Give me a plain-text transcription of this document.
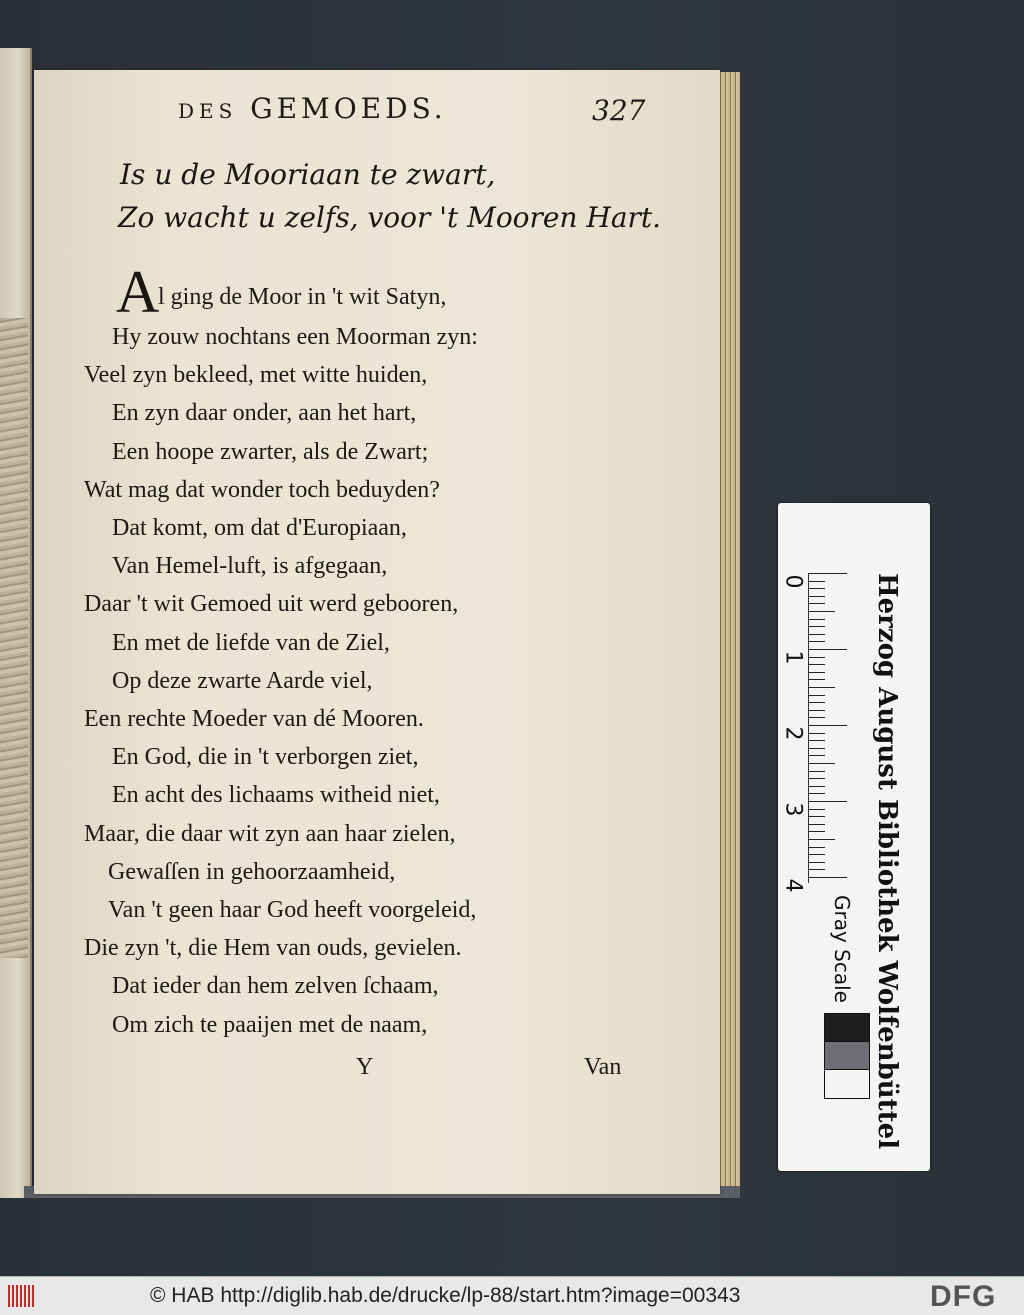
DES GEMOEDS.	327
Is u de Mooriaan te zwart,
Zo wacht u zelfs, voor 't Mooren Hart.
A
l ging de Moor in 't wit Satyn,
Hy zouw nochtans een Moorman zyn:
Veel zyn bekleed, met witte huiden,
En zyn daar onder, aan het hart,
Een hoope zwarter, als de Zwart;
Wat mag dat wonder toch beduyden?
Dat komt, om dat d'Europiaan,
Van Hemel-luft, is afgegaan,
Daar 't wit Gemoed uit werd gebooren,
En met de liefde van de Ziel,
Op deze zwarte Aarde viel,
Een rechte Moeder van dé Mooren.
En God, die in 't verborgen ziet,
En acht des lichaams witheid niet,
Maar, die daar wit zyn aan haar zielen,
Gewaſſen in gehoorzaamheid,
Van 't geen haar God heeft voorgeleid,
Die zyn 't, die Hem van ouds, gevielen.
Dat ieder dan hem zelven ſchaam,
Om zich te paaijen met de naam,
Y	Van	Herzog August Bibliothek Wolfenbüttel
Gray Scale
0
1
2
3
4
© HAB http://diglib.hab.de/drucke/lp-88/start.htm?image=00343	DFG
